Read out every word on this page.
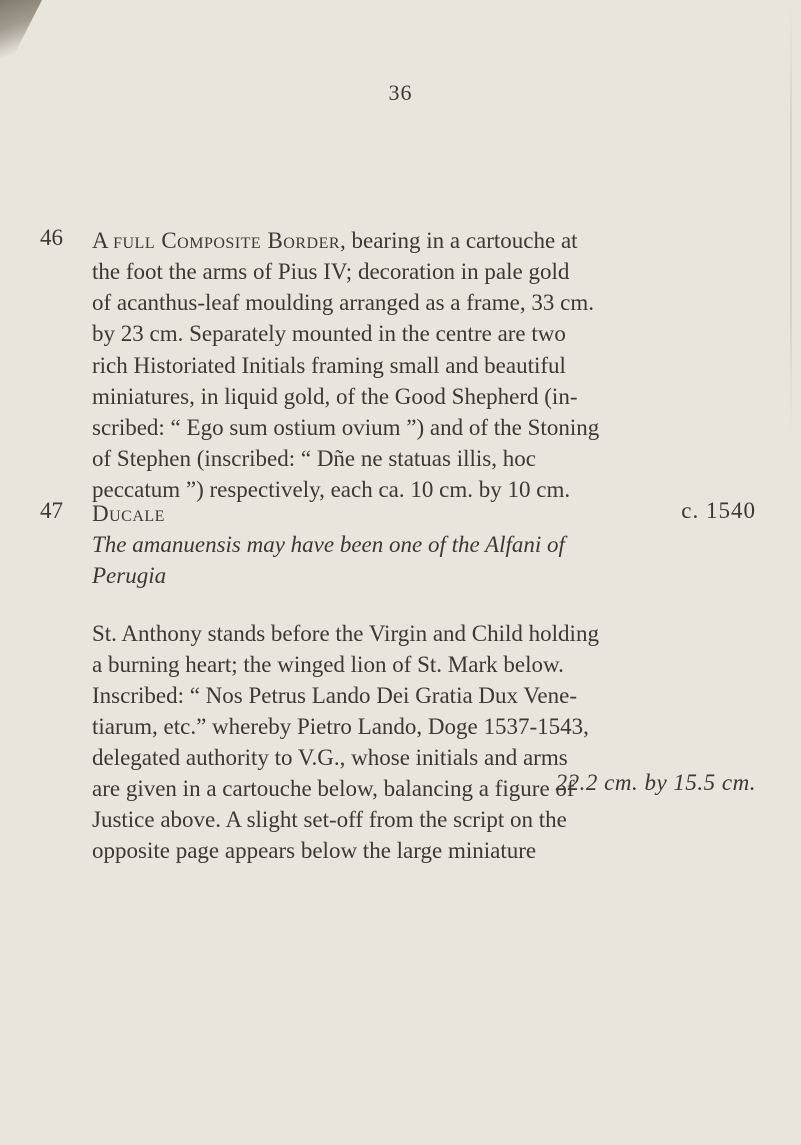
36
46 A full Composite Border, bearing in a cartouche at
the foot the arms of Pius IV; decoration in pale gold
of acanthus-leaf moulding arranged as a frame, 33 cm.
by 23 cm. Separately mounted in the centre are two
rich Historiated Initials framing small and beautiful
miniatures, in liquid gold, of the Good Shepherd (in-
scribed: “ Ego sum ostium ovium ”) and of the Stoning
of Stephen (inscribed: “ Dñe ne statuas illis, hoc
peccatum ”) respectively, each ca. 10 cm. by 10 cm.
47 Ducale	c. 1540
The amanuensis may have been one of the Alfani of
Perugia
St. Anthony stands before the Virgin and Child holding
a burning heart; the winged lion of St. Mark below.
Inscribed: “ Nos Petrus Lando Dei Gratia Dux Vene-
tiarum, etc.” whereby Pietro Lando, Doge 1537-1543,
delegated authority to V.G., whose initials and arms
are given in a cartouche below, balancing a figure of
Justice above. A slight set-off from the script on the
opposite page appears below the large miniature
22.2 cm. by 15.5 cm.
